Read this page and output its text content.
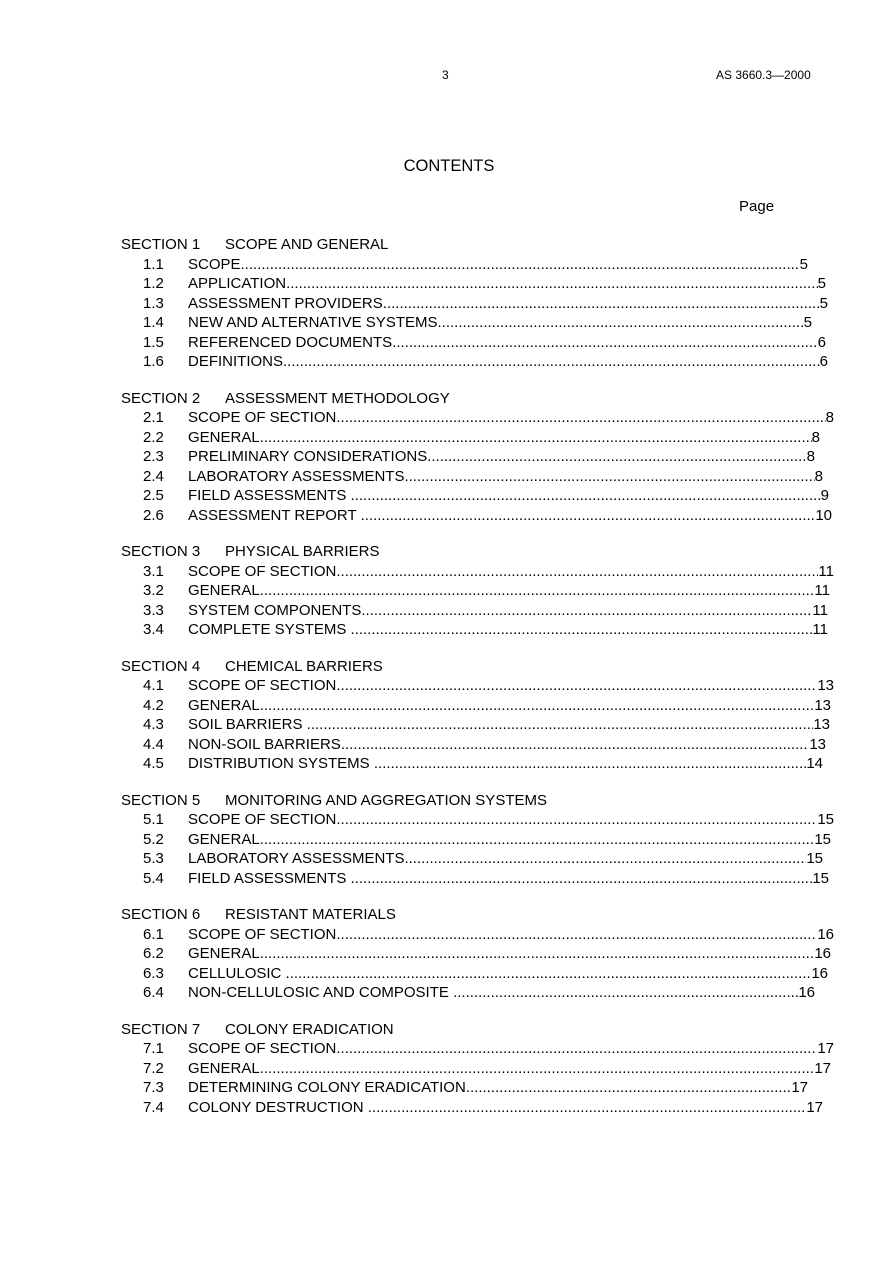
3	AS 3660.3—2000
CONTENTS
Page
SECTION 1 SCOPE AND GENERAL
1.1 SCOPE .....	5
1.2 APPLICATION .....	5
1.3 ASSESSMENT PROVIDERS .....	5
1.4 NEW AND ALTERNATIVE SYSTEMS .....	5
1.5 REFERENCED DOCUMENTS .....	6
1.6 DEFINITIONS .....	6
SECTION 2 ASSESSMENT METHODOLOGY
2.1 SCOPE OF SECTION .....	8
2.2 GENERAL .....	8
2.3 PRELIMINARY CONSIDERATIONS .....	8
2.4 LABORATORY ASSESSMENTS .....	8
2.5 FIELD ASSESSMENTS .....	9
2.6 ASSESSMENT REPORT .....	10
SECTION 3 PHYSICAL BARRIERS
3.1 SCOPE OF SECTION .....	11
3.2 GENERAL .....	11
3.3 SYSTEM COMPONENTS .....	11
3.4 COMPLETE SYSTEMS .....	11
SECTION 4 CHEMICAL BARRIERS
4.1 SCOPE OF SECTION .....	13
4.2 GENERAL .....	13
4.3 SOIL BARRIERS .....	13
4.4 NON-SOIL BARRIERS .....	13
4.5 DISTRIBUTION SYSTEMS .....	14
SECTION 5 MONITORING AND AGGREGATION SYSTEMS
5.1 SCOPE OF SECTION .....	15
5.2 GENERAL .....	15
5.3 LABORATORY ASSESSMENTS .....	15
5.4 FIELD ASSESSMENTS .....	15
SECTION 6 RESISTANT MATERIALS
6.1 SCOPE OF SECTION .....	16
6.2 GENERAL .....	16
6.3 CELLULOSIC .....	16
6.4 NON-CELLULOSIC AND COMPOSITE .....	16
SECTION 7 COLONY ERADICATION
7.1 SCOPE OF SECTION .....	17
7.2 GENERAL .....	17
7.3 DETERMINING COLONY ERADICATION .....	17
7.4 COLONY DESTRUCTION .....	17
